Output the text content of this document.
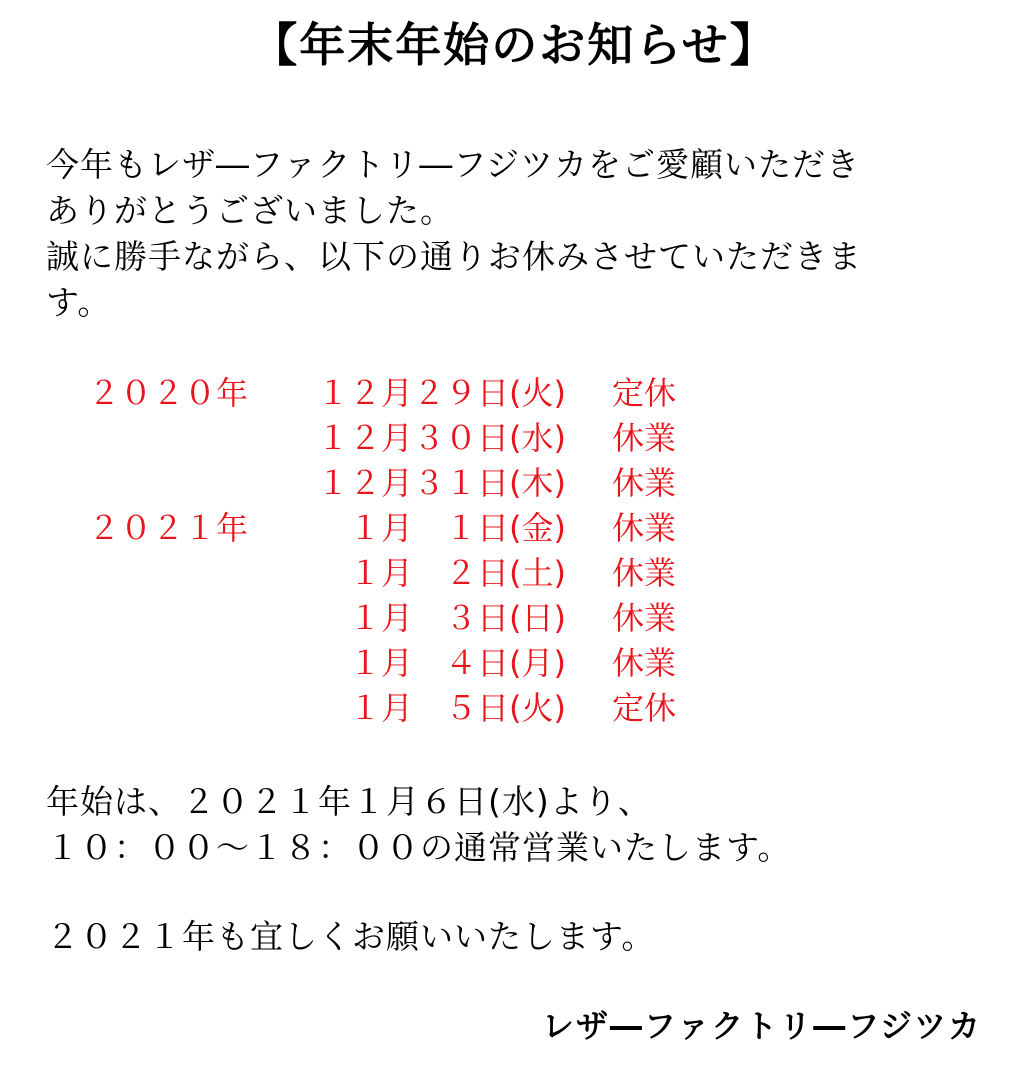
【年末年始のお知らせ】
今年もレザ―ファクトリ―フジツカをご愛顧いただき
ありがとうございました。
誠に勝手ながら、以下の通りお休みさせていただきま
す。
２０２０年	１２月２９日(火) 定休
１２月３０日(水) 休業
１２月３１日(木) 休業
２０２１年	１月　１日(金) 休業
１月　２日(土) 休業
１月　３日(日) 休業
１月　４日(月) 休業
１月　５日(火) 定休
年始は、２０２１年１月６日(水)より、
１０：００～１８：００の通常営業いたします。
２０２１年も宜しくお願いいたします。
レザ―ファクトリ―フジツカ
